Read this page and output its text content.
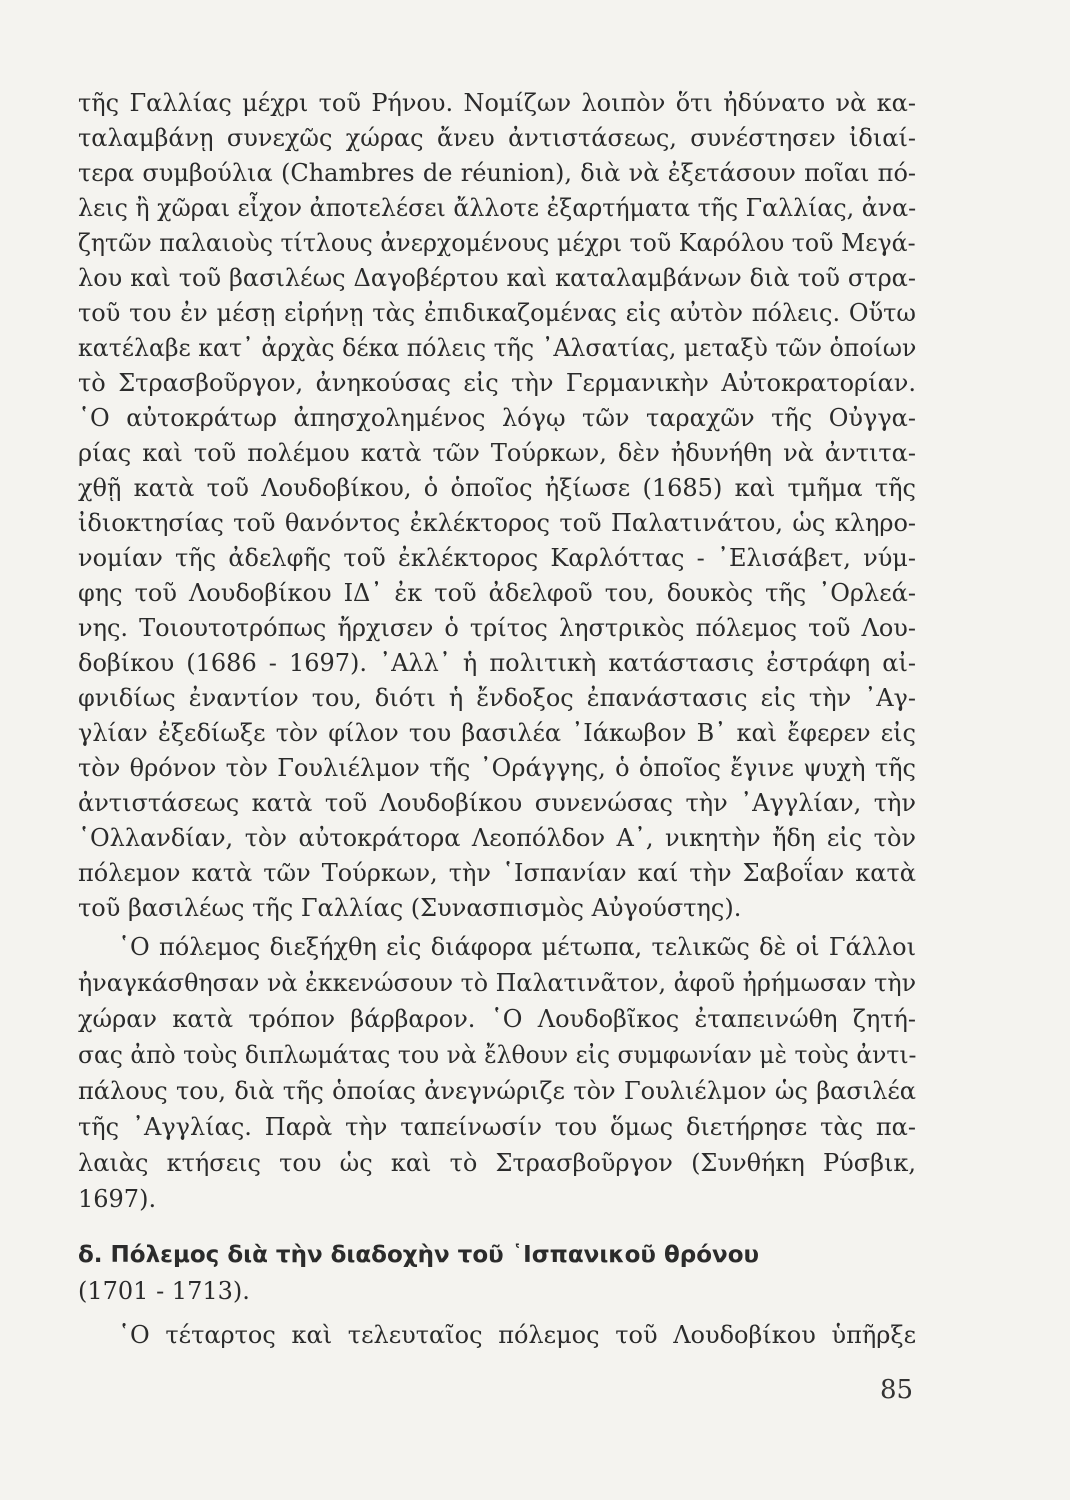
τῆς Γαλλίας μέχρι τοῦ Ρήνου. Νομίζων λοιπὸν ὅτι ἠδύνατο νὰ κα-
ταλαμβάνῃ συνεχῶς χώρας ἄνευ ἀντιστάσεως, συνέστησεν ἰδιαί-
τερα συμβούλια (Chambres de réunion), διὰ νὰ ἐξετάσουν ποῖαι πό-
λεις ἢ χῶραι εἶχον ἀποτελέσει ἄλλοτε ἐξαρτήματα τῆς Γαλλίας, ἀνα-
ζητῶν παλαιοὺς τίτλους ἀνερχομένους μέχρι τοῦ Καρόλου τοῦ Μεγά-
λου καὶ τοῦ βασιλέως Δαγοβέρτου καὶ καταλαμβάνων διὰ τοῦ στρα-
τοῦ του ἐν μέσῃ εἰρήνῃ τὰς ἐπιδικαζομένας εἰς αὐτὸν πόλεις. Οὕτω
κατέλαβε κατ᾽ ἀρχὰς δέκα πόλεις τῆς ᾽Αλσατίας, μεταξὺ τῶν ὁποίων
τὸ Στρασβοῦργον, ἀνηκούσας εἰς τὴν Γερμανικὴν Αὐτοκρατορίαν.
῾Ο αὐτοκράτωρ ἀπησχολημένος λόγῳ τῶν ταραχῶν τῆς Οὐγγα-
ρίας καὶ τοῦ πολέμου κατὰ τῶν Τούρκων, δὲν ἠδυνήθη νὰ ἀντιτα-
χθῇ κατὰ τοῦ Λουδοβίκου, ὁ ὁποῖος ἠξίωσε (1685) καὶ τμῆμα τῆς
ἰδιοκτησίας τοῦ θανόντος ἐκλέκτορος τοῦ Παλατινάτου, ὡς κληρο-
νομίαν τῆς ἀδελφῆς τοῦ ἐκλέκτορος Καρλόττας - ᾽Ελισάβετ, νύμ-
φης τοῦ Λουδοβίκου ΙΔ᾽ ἐκ τοῦ ἀδελφοῦ του, δουκὸς τῆς ᾽Ορλεά-
νης. Τοιουτοτρόπως ἤρχισεν ὁ τρίτος ληστρικὸς πόλεμος τοῦ Λου-
δοβίκου (1686 - 1697). ᾽Αλλ᾽ ἡ πολιτικὴ κατάστασις ἐστράφη αἰ-
φνιδίως ἐναντίον του, διότι ἡ ἔνδοξος ἐπανάστασις εἰς τὴν ᾽Αγ-
γλίαν ἐξεδίωξε τὸν φίλον του βασιλέα ᾽Ιάκωβον Β᾽ καὶ ἔφερεν εἰς
τὸν θρόνον τὸν Γουλιέλμον τῆς ᾽Οράγγης, ὁ ὁποῖος ἔγινε ψυχὴ τῆς
ἀντιστάσεως κατὰ τοῦ Λουδοβίκου συνενώσας τὴν ᾽Αγγλίαν, τὴν
῾Ολλανδίαν, τὸν αὐτοκράτορα Λεοπόλδον Α᾽, νικητὴν ἤδη εἰς τὸν
πόλεμον κατὰ τῶν Τούρκων, τὴν ῾Ισπανίαν καί τὴν Σαβοΐαν κατὰ
τοῦ βασιλέως τῆς Γαλλίας (Συνασπισμὸς Αὐγούστης).
῾Ο πόλεμος διεξήχθη εἰς διάφορα μέτωπα, τελικῶς δὲ οἱ Γάλλοι
ἠναγκάσθησαν νὰ ἐκκενώσουν τὸ Παλατινᾶτον, ἀφοῦ ἠρήμωσαν τὴν
χώραν κατὰ τρόπον βάρβαρον. ῾Ο Λουδοβῖκος ἐταπεινώθη ζητή-
σας ἀπὸ τοὺς διπλωμάτας του νὰ ἔλθουν εἰς συμφωνίαν μὲ τοὺς ἀντι-
πάλους του, διὰ τῆς ὁποίας ἀνεγνώριζε τὸν Γουλιέλμον ὡς βασιλέα
τῆς ᾽Αγγλίας. Παρὰ τὴν ταπείνωσίν του ὅμως διετήρησε τὰς πα-
λαιὰς κτήσεις του ὡς καὶ τὸ Στρασβοῦργον (Συνθήκη Ρύσβικ,
1697).
δ. Πόλεμος διὰ τὴν διαδοχὴν τοῦ ῾Ισπανικοῦ θρόνου
(1701 - 1713).
῾Ο τέταρτος καὶ τελευταῖος πόλεμος τοῦ Λουδοβίκου ὑπῆρξε
85
